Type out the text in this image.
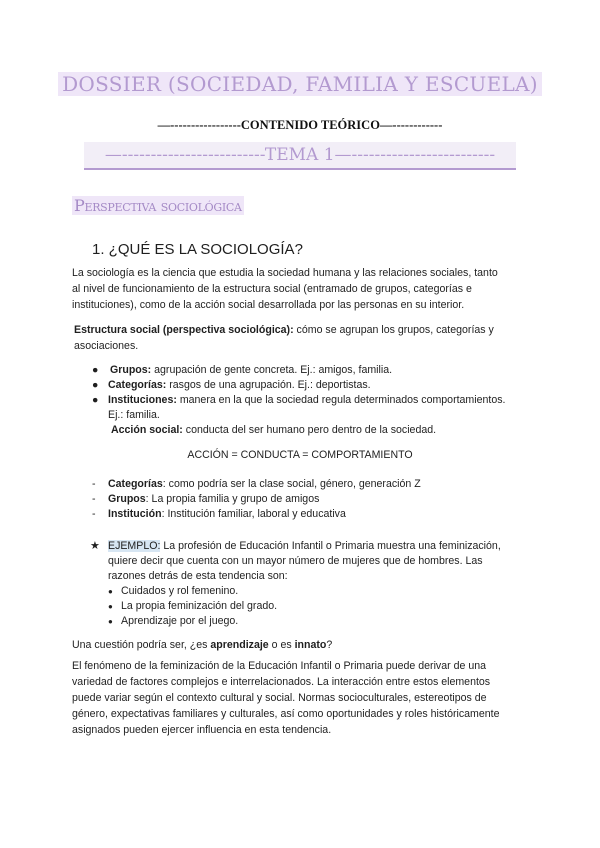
DOSSIER (SOCIEDAD, FAMILIA Y ESCUELA)
—-----------------CONTENIDO TEÓRICO—------------
—-------------------------TEMA 1—-------------------------
Perspectiva sociológica
1. ¿QUÉ ES LA SOCIOLOGÍA?
La sociología es la ciencia que estudia la sociedad humana y las relaciones sociales, tanto
al nivel de funcionamiento de la estructura social (entramado de grupos, categorías e
instituciones), como de la acción social desarrollada por las personas en su interior.
Estructura social (perspectiva sociológica): cómo se agrupan los grupos, categorías y
asociaciones.
● Grupos: agrupación de gente concreta. Ej.: amigos, familia.
● Categorías: rasgos de una agrupación. Ej.: deportistas.
● Instituciones: manera en la que la sociedad regula determinados comportamientos.
Ej.: familia.
Acción social: conducta del ser humano pero dentro de la sociedad.
ACCIÓN = CONDUCTA = COMPORTAMIENTO
- Categorías: como podría ser la clase social, género, generación Z
- Grupos: La propia familia y grupo de amigos
- Institución: Institución familiar, laboral y educativa
★ EJEMPLO: La profesión de Educación Infantil o Primaria muestra una feminización,
quiere decir que cuenta con un mayor número de mujeres que de hombres. Las
razones detrás de esta tendencia son:
● Cuidados y rol femenino.
● La propia feminización del grado.
● Aprendizaje por el juego.
Una cuestión podría ser, ¿es aprendizaje o es innato?
El fenómeno de la feminización de la Educación Infantil o Primaria puede derivar de una
variedad de factores complejos e interrelacionados. La interacción entre estos elementos
puede variar según el contexto cultural y social. Normas socioculturales, estereotipos de
género, expectativas familiares y culturales, así como oportunidades y roles históricamente
asignados pueden ejercer influencia en esta tendencia.
